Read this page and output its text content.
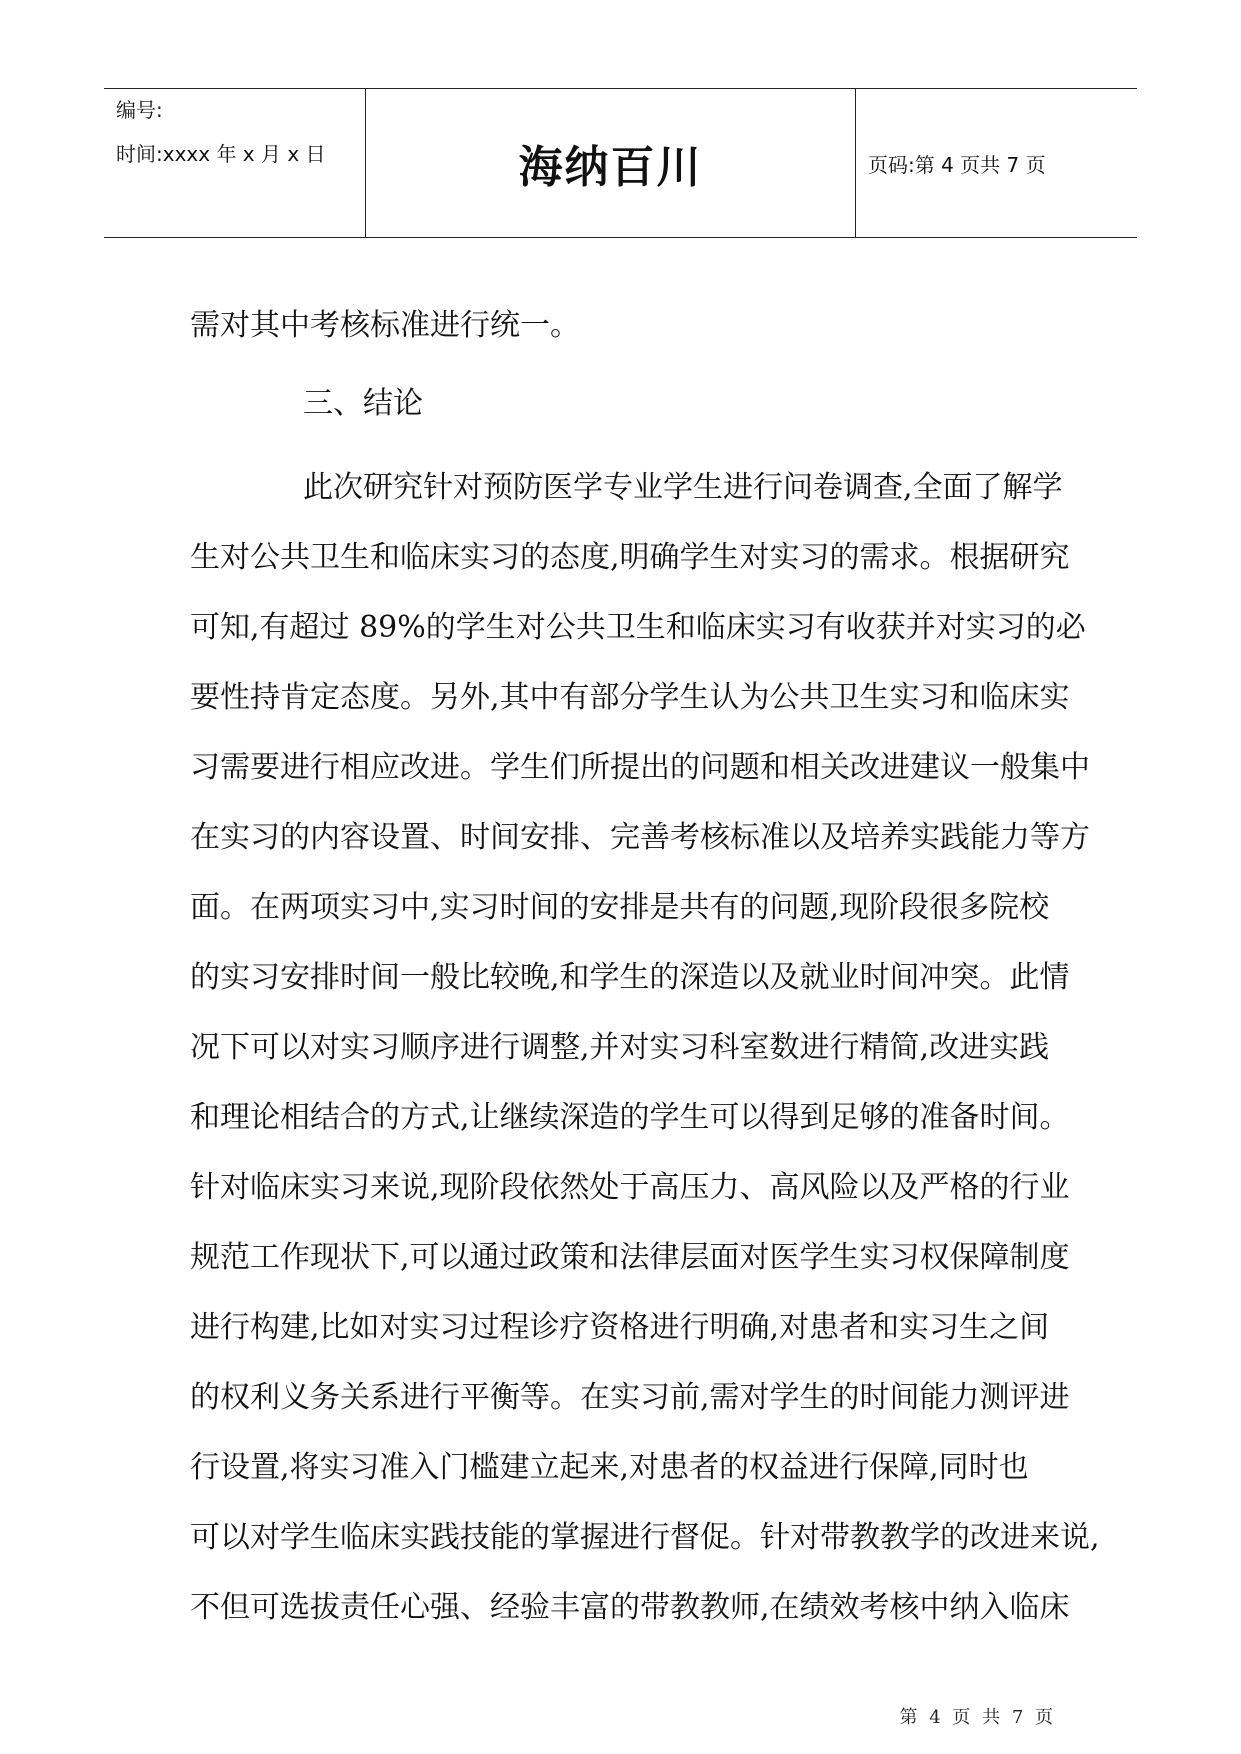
编号:
时间:xxxx 年 x 月 x 日	海纳百川	页码:第 4 页共 7 页
需对其中考核标准进行统一。
三、结论
此次研究针对预防医学专业学生进行问卷调查,全面了解学
生对公共卫生和临床实习的态度,明确学生对实习的需求。根据研究
可知,有超过 89%的学生对公共卫生和临床实习有收获并对实习的必
要性持肯定态度。另外,其中有部分学生认为公共卫生实习和临床实
习需要进行相应改进。学生们所提出的问题和相关改进建议一般集中
在实习的内容设置、时间安排、完善考核标准以及培养实践能力等方
面。在两项实习中,实习时间的安排是共有的问题,现阶段很多院校
的实习安排时间一般比较晚,和学生的深造以及就业时间冲突。此情
况下可以对实习顺序进行调整,并对实习科室数进行精简,改进实践
和理论相结合的方式,让继续深造的学生可以得到足够的准备时间。
针对临床实习来说,现阶段依然处于高压力、高风险以及严格的行业
规范工作现状下,可以通过政策和法律层面对医学生实习权保障制度
进行构建,比如对实习过程诊疗资格进行明确,对患者和实习生之间
的权利义务关系进行平衡等。在实习前,需对学生的时间能力测评进
行设置,将实习准入门槛建立起来,对患者的权益进行保障,同时也
可以对学生临床实践技能的掌握进行督促。针对带教教学的改进来说,
不但可选拔责任心强、经验丰富的带教教师,在绩效考核中纳入临床
第 4 页 共 7 页
